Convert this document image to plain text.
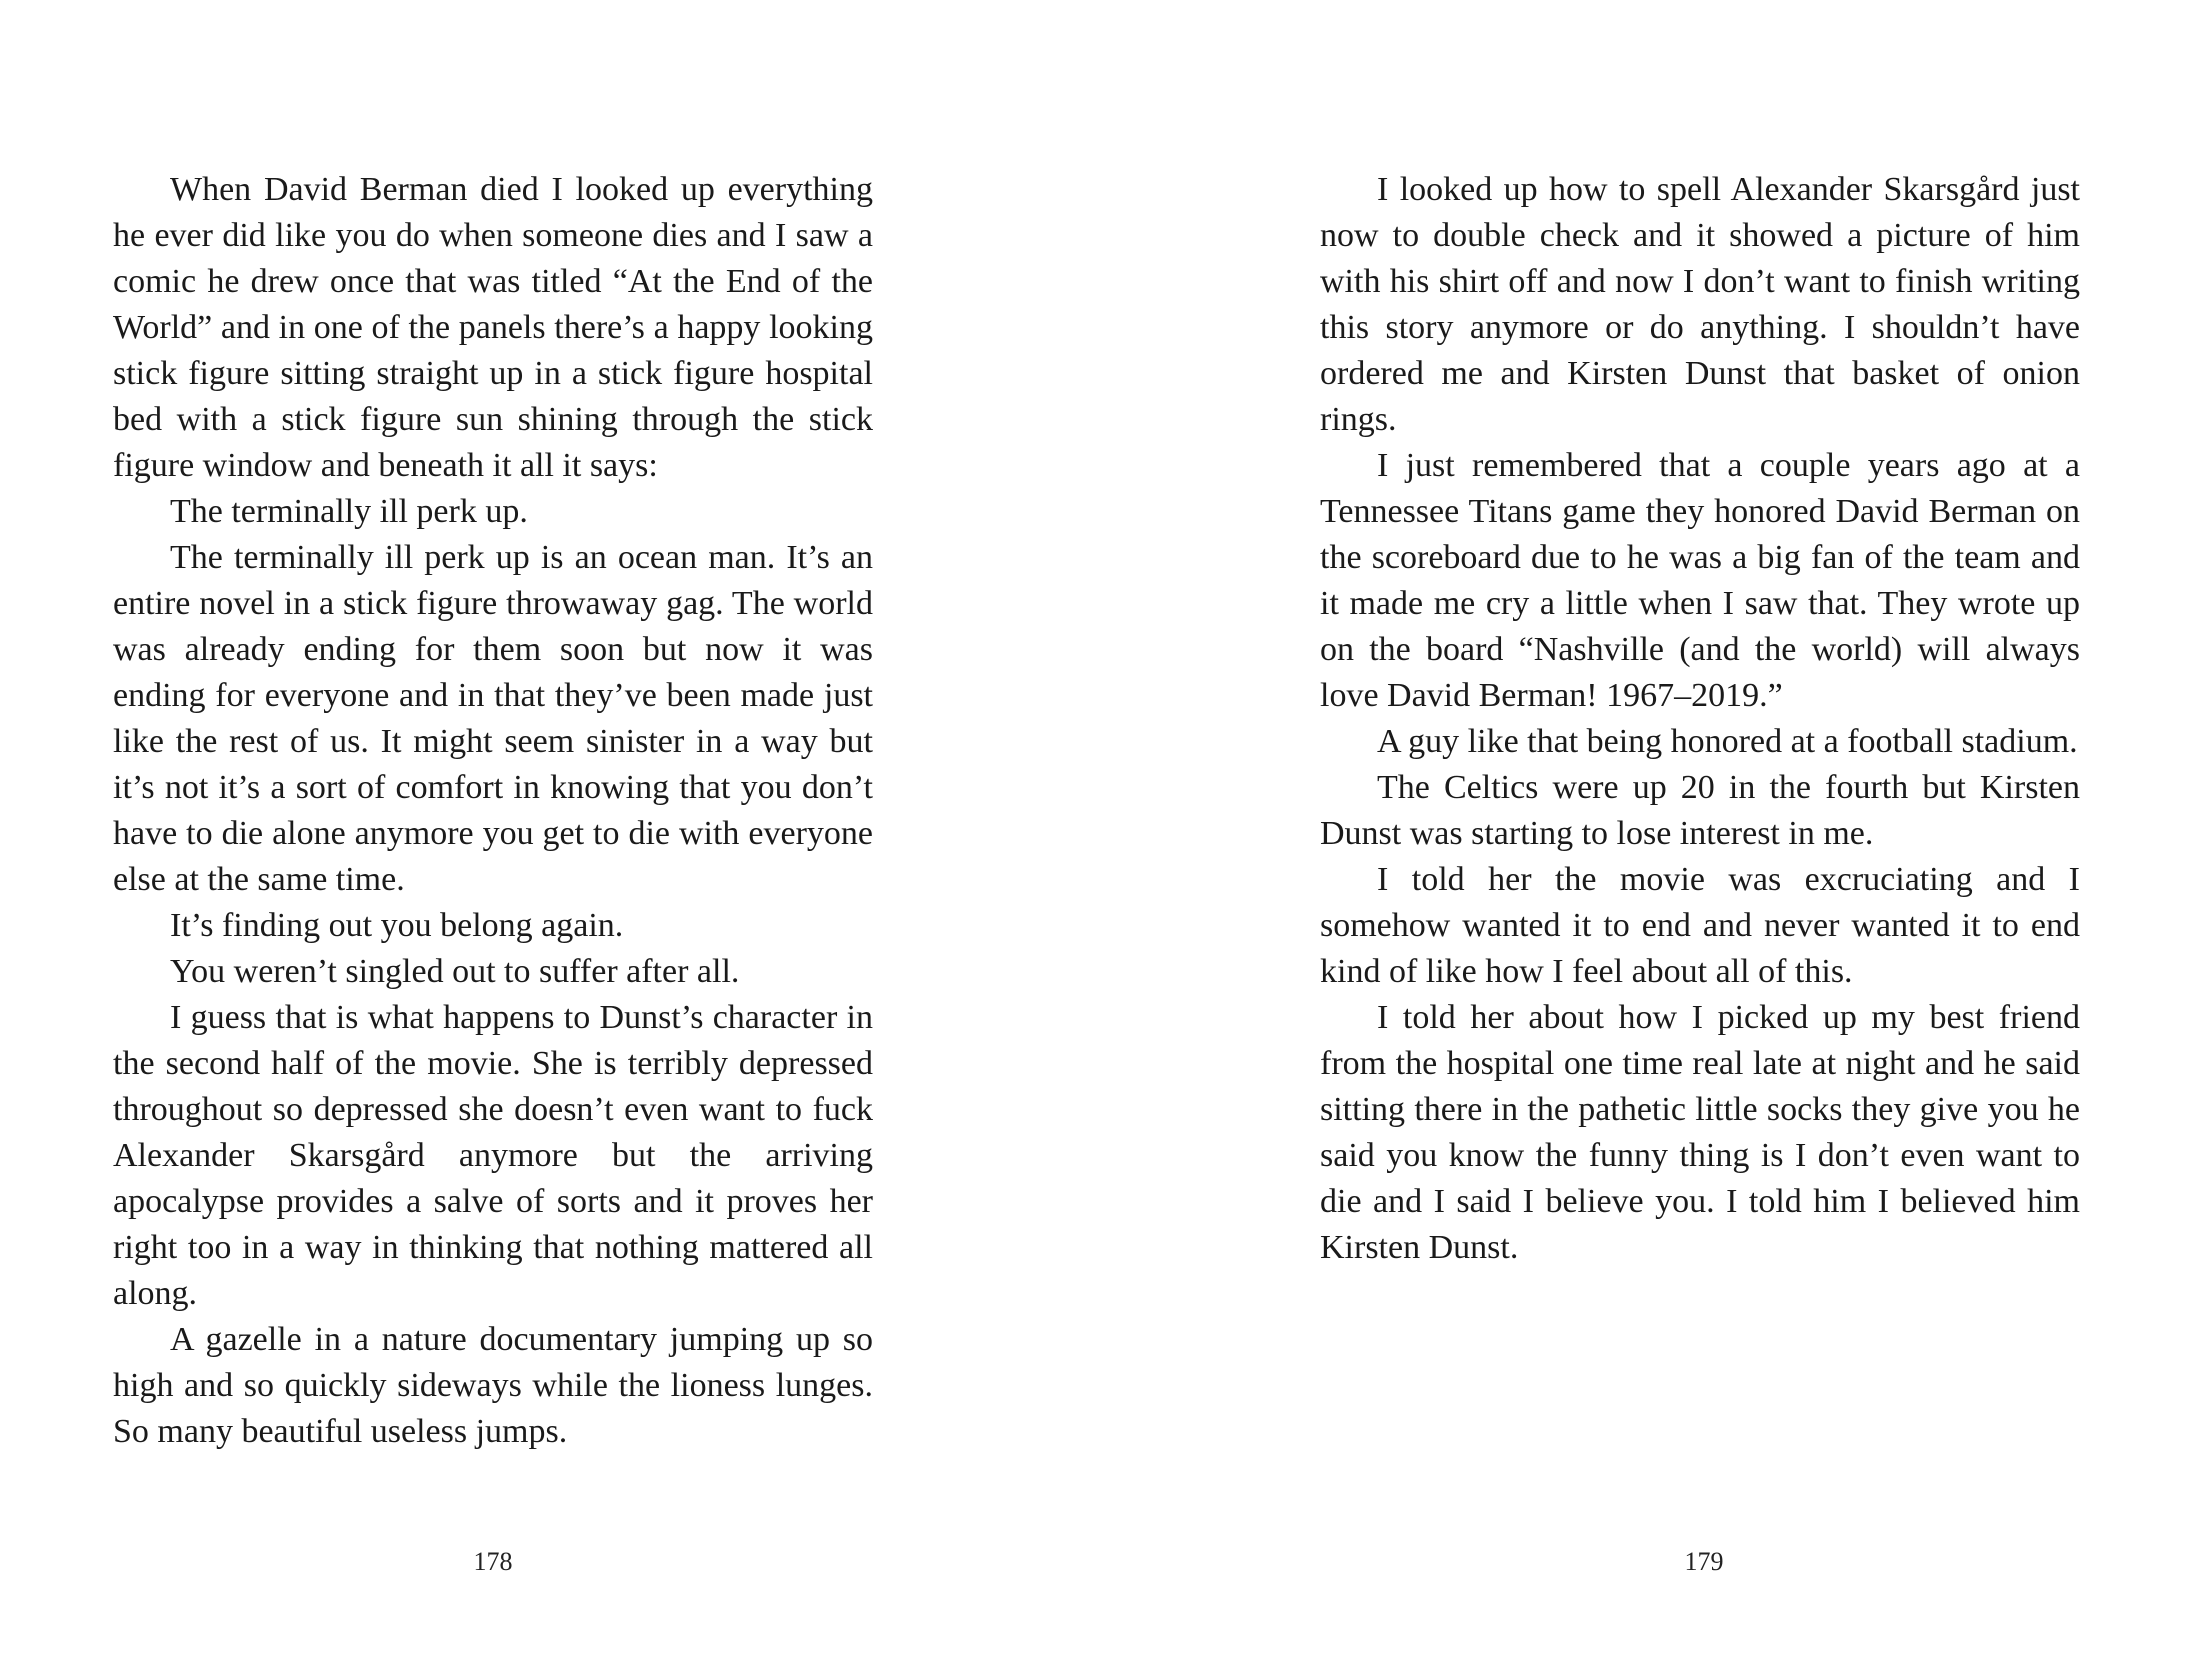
When David Berman died I looked up everything he ever did like you do when someone dies and I saw a comic he drew once that was titled “At the End of the World” and in one of the panels there’s a happy looking stick figure sitting straight up in a stick figure hospital bed with a stick figure sun shining through the stick figure window and beneath it all it says:

The terminally ill perk up.

The terminally ill perk up is an ocean man. It’s an entire novel in a stick figure throwaway gag. The world was already ending for them soon but now it was ending for everyone and in that they’ve been made just like the rest of us. It might seem sinister in a way but it’s not it’s a sort of comfort in knowing that you don’t have to die alone anymore you get to die with everyone else at the same time.

It’s finding out you belong again.

You weren’t singled out to suffer after all.

I guess that is what happens to Dunst’s character in the second half of the movie. She is terribly depressed throughout so depressed she doesn’t even want to fuck Alexander Skarsgård anymore but the arriving apocalypse provides a salve of sorts and it proves her right too in a way in thinking that nothing mattered all along.

A gazelle in a nature documentary jumping up so high and so quickly sideways while the lioness lunges. So many beautiful useless jumps.

178

I looked up how to spell Alexander Skarsgård just now to double check and it showed a picture of him with his shirt off and now I don’t want to finish writing this story anymore or do anything. I shouldn’t have ordered me and Kirsten Dunst that basket of onion rings.

I just remembered that a couple years ago at a Tennessee Titans game they honored David Berman on the scoreboard due to he was a big fan of the team and it made me cry a little when I saw that. They wrote up on the board “Nashville (and the world) will always love David Berman! 1967–2019.”

A guy like that being honored at a football stadium.

The Celtics were up 20 in the fourth but Kirsten Dunst was starting to lose interest in me.

I told her the movie was excruciating and I somehow wanted it to end and never wanted it to end kind of like how I feel about all of this.

I told her about how I picked up my best friend from the hospital one time real late at night and he said sitting there in the pathetic little socks they give you he said you know the funny thing is I don’t even want to die and I said I believe you. I told him I believed him Kirsten Dunst.

179
